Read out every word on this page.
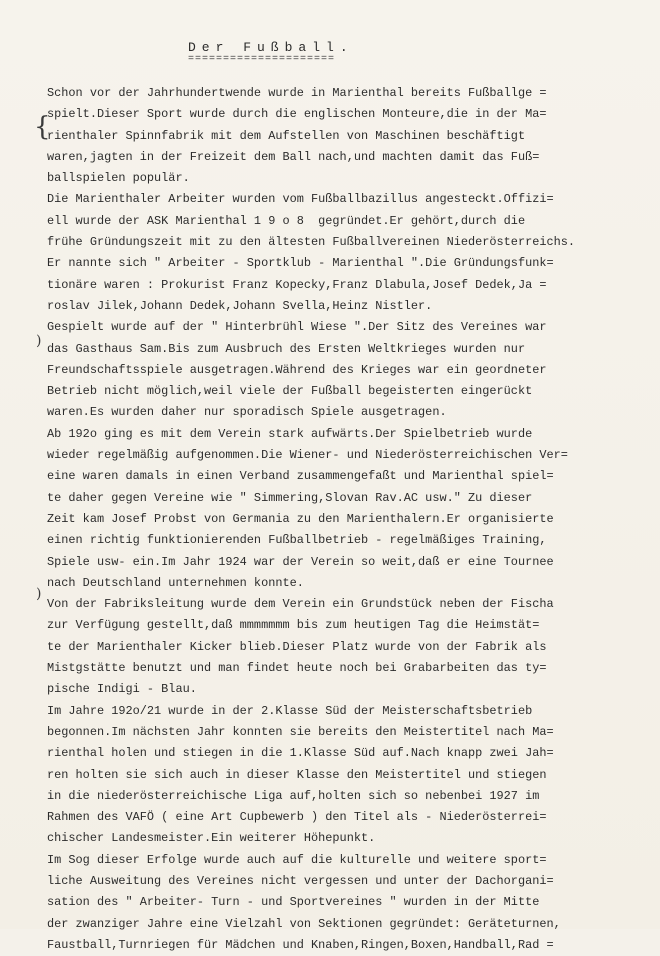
Der Fußball.
=====================
{
)
)
Schon vor der Jahrhundertwende wurde in Marienthal bereits Fußballge =
spielt.Dieser Sport wurde durch die englischen Monteure,die in der Ma=
rienthaler Spinnfabrik mit dem Aufstellen von Maschinen beschäftigt
waren,jagten in der Freizeit dem Ball nach,und machten damit das Fuß=
ballspielen populär.
Die Marienthaler Arbeiter wurden vom Fußballbazillus angesteckt.Offizi=
ell wurde der ASK Marienthal 1 9 o 8  gegründet.Er gehört,durch die
frühe Gründungszeit mit zu den ältesten Fußballvereinen Niederösterreichs.
Er nannte sich " Arbeiter - Sportklub - Marienthal ".Die Gründungsfunk=
tionäre waren : Prokurist Franz Kopecky,Franz Dlabula,Josef Dedek,Ja =
roslav Jilek,Johann Dedek,Johann Svella,Heinz Nistler.
Gespielt wurde auf der " Hinterbrühl Wiese ".Der Sitz des Vereines war
das Gasthaus Sam.Bis zum Ausbruch des Ersten Weltkrieges wurden nur
Freundschaftsspiele ausgetragen.Während des Krieges war ein geordneter
Betrieb nicht möglich,weil viele der Fußball begeisterten eingerückt
waren.Es wurden daher nur sporadisch Spiele ausgetragen.
Ab 192o ging es mit dem Verein stark aufwärts.Der Spielbetrieb wurde
wieder regelmäßig aufgenommen.Die Wiener- und Niederösterreichischen Ver=
eine waren damals in einen Verband zusammengefaßt und Marienthal spiel=
te daher gegen Vereine wie " Simmering,Slovan Rav.AC usw." Zu dieser
Zeit kam Josef Probst von Germania zu den Marienthalern.Er organisierte
einen richtig funktionierenden Fußballbetrieb - regelmäßiges Training,
Spiele usw- ein.Im Jahr 1924 war der Verein so weit,daß er eine Tournee
nach Deutschland unternehmen konnte.
Von der Fabriksleitung wurde dem Verein ein Grundstück neben der Fischa
zur Verfügung gestellt,daß mmmmmmm bis zum heutigen Tag die Heimstät=
te der Marienthaler Kicker blieb.Dieser Platz wurde von der Fabrik als
Mistgstätte benutzt und man findet heute noch bei Grabarbeiten das ty=
pische Indigi - Blau.
Im Jahre 192o/21 wurde in der 2.Klasse Süd der Meisterschaftsbetrieb
begonnen.Im nächsten Jahr konnten sie bereits den Meistertitel nach Ma=
rienthal holen und stiegen in die 1.Klasse Süd auf.Nach knapp zwei Jah=
ren holten sie sich auch in dieser Klasse den Meistertitel und stiegen
in die niederösterreichische Liga auf,holten sich so nebenbei 1927 im
Rahmen des VAFÖ ( eine Art Cupbewerb ) den Titel als - Niederösterrei=
chischer Landesmeister.Ein weiterer Höhepunkt.
Im Sog dieser Erfolge wurde auch auf die kulturelle und weitere sport=
liche Ausweitung des Vereines nicht vergessen und unter der Dachorgani=
sation des " Arbeiter- Turn - und Sportvereines " wurden in der Mitte
der zwanziger Jahre eine Vielzahl von Sektionen gegründet: Geräteturnen,
Faustball,Turnriegen für Mädchen und Knaben,Ringen,Boxen,Handball,Rad =
